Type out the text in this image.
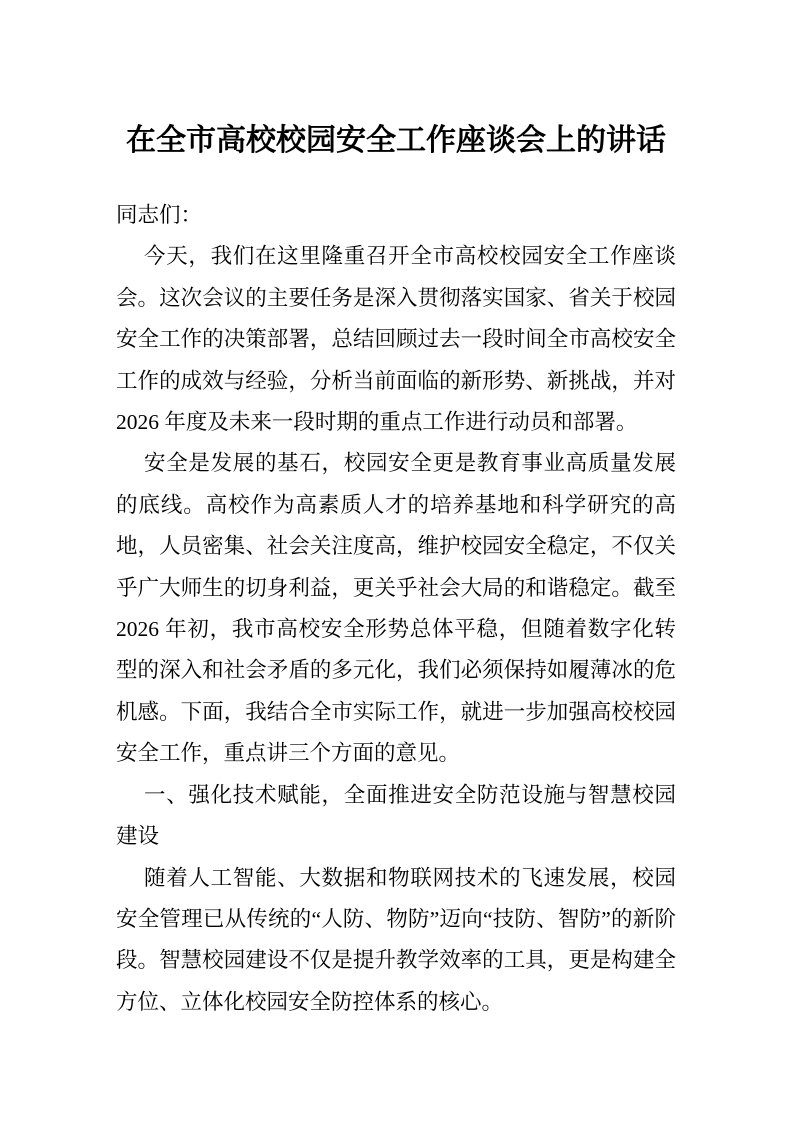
在全市高校校园安全工作座谈会上的讲话

同志们：

今天，我们在这里隆重召开全市高校校园安全工作座谈会。这次会议的主要任务是深入贯彻落实国家、省关于校园安全工作的决策部署，总结回顾过去一段时间全市高校安全工作的成效与经验，分析当前面临的新形势、新挑战，并对 2026 年度及未来一段时期的重点工作进行动员和部署。

安全是发展的基石，校园安全更是教育事业高质量发展的底线。高校作为高素质人才的培养基地和科学研究的高地，人员密集、社会关注度高，维护校园安全稳定，不仅关乎广大师生的切身利益，更关乎社会大局的和谐稳定。截至 2026 年初，我市高校安全形势总体平稳，但随着数字化转型的深入和社会矛盾的多元化，我们必须保持如履薄冰的危机感。下面，我结合全市实际工作，就进一步加强高校校园安全工作，重点讲三个方面的意见。

一、强化技术赋能，全面推进安全防范设施与智慧校园建设

随着人工智能、大数据和物联网技术的飞速发展，校园安全管理已从传统的“人防、物防”迈向“技防、智防”的新阶段。智慧校园建设不仅是提升教学效率的工具，更是构建全方位、立体化校园安全防控体系的核心。
